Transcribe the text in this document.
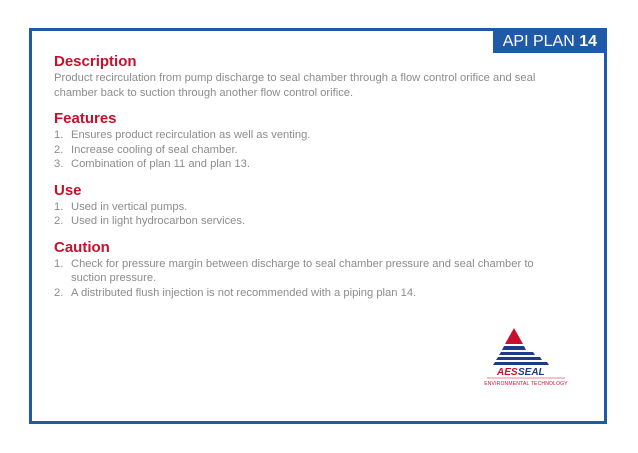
API PLAN 14
Description

Product recirculation from pump discharge to seal chamber through a flow control orifice and seal chamber back to suction through another flow control orifice.

Features
1. Ensures product recirculation as well as venting.
2. Increase cooling of seal chamber.
3. Combination of plan 11 and plan 13.
Use
1. Used in vertical pumps.
2. Used in light hydrocarbon services.
Caution
1. Check for pressure margin between discharge to seal chamber pressure and seal chamber to suction pressure.
2. A distributed flush injection is not recommended with a piping plan 14.
AES SEAL
ENVIRONMENTAL TECHNOLOGY
